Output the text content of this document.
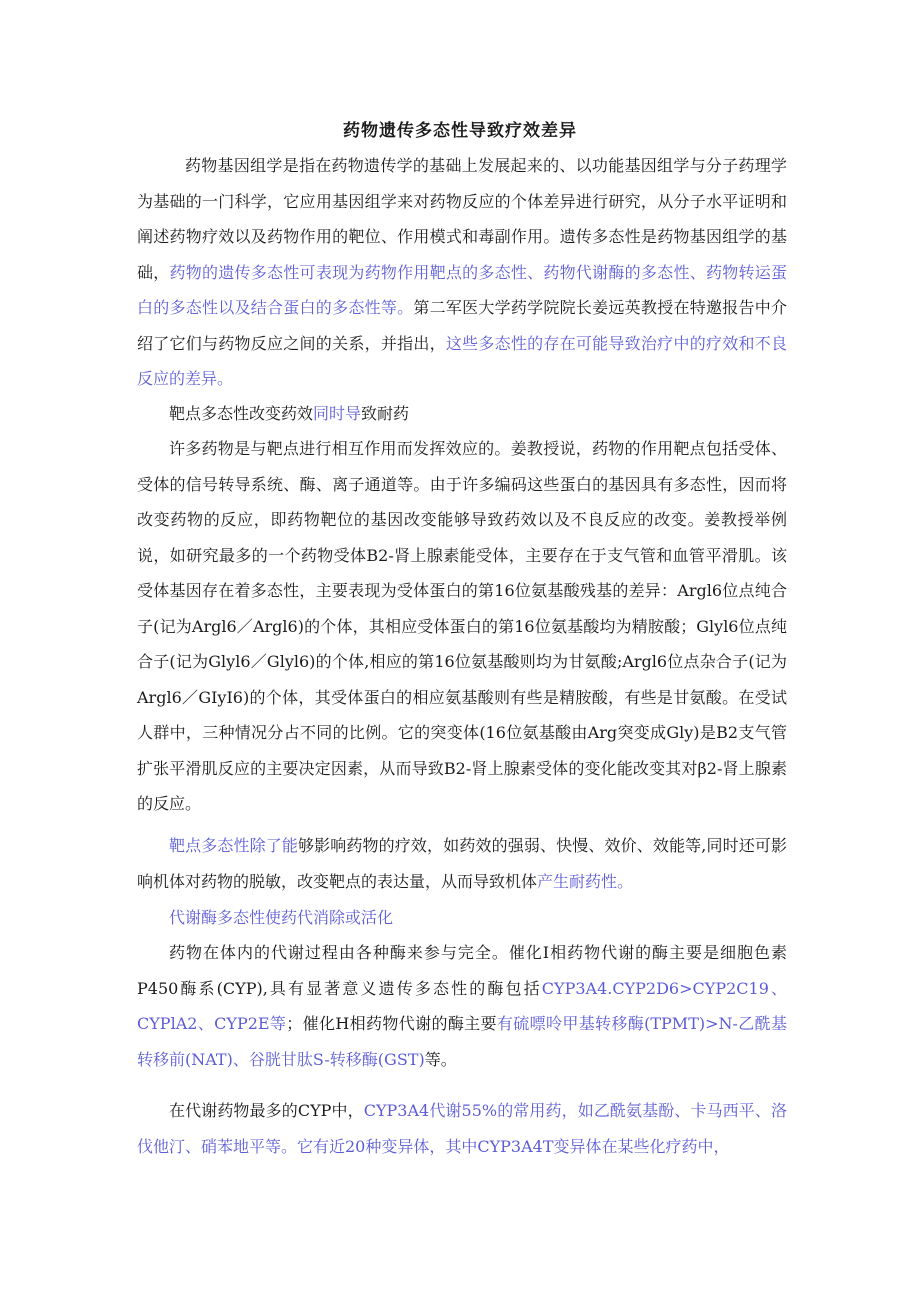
药物遗传多态性导致疗效差异

药物基因组学是指在药物遗传学的基础上发展起来的、以功能基因组学与分子药理学为基础的一门科学，它应用基因组学来对药物反应的个体差异进行研究，从分子水平证明和阐述药物疗效以及药物作用的靶位、作用模式和毒副作用。遗传多态性是药物基因组学的基础，药物的遗传多态性可表现为药物作用靶点的多态性、药物代谢酶的多态性、药物转运蛋白的多态性以及结合蛋白的多态性等。第二军医大学药学院院长姜远英教授在特邀报告中介绍了它们与药物反应之间的关系，并指出，这些多态性的存在可能导致治疗中的疗效和不良反应的差异。

靶点多态性改变药效同时导致耐药

许多药物是与靶点进行相互作用而发挥效应的。姜教授说，药物的作用靶点包括受体、受体的信号转导系统、酶、离子通道等。由于许多编码这些蛋白的基因具有多态性，因而将改变药物的反应，即药物靶位的基因改变能够导致药效以及不良反应的改变。姜教授举例说，如研究最多的一个药物受体B2-肾上腺素能受体，主要存在于支气管和血管平滑肌。该受体基因存在着多态性，主要表现为受体蛋白的第16位氨基酸残基的差异：Argl6位点纯合子(记为Argl6／Argl6)的个体，其相应受体蛋白的第16位氨基酸均为精胺酸；Glyl6位点纯合子(记为Glyl6／Glyl6)的个体,相应的第16位氨基酸则均为甘氨酸;Argl6位点杂合子(记为Argl6／GIyI6)的个体，其受体蛋白的相应氨基酸则有些是精胺酸，有些是甘氨酸。在受试人群中，三种情况分占不同的比例。它的突变体(16位氨基酸由Arg突变成Gly)是B2支气管扩张平滑肌反应的主要决定因素，从而导致B2-肾上腺素受体的变化能改变其对β2-肾上腺素的反应。

靶点多态性除了能够影响药物的疗效，如药效的强弱、快慢、效价、效能等,同时还可影响机体对药物的脱敏，改变靶点的表达量，从而导致机体产生耐药性。

代谢酶多态性使药代消除或活化

药物在体内的代谢过程由各种酶来参与完全。催化I相药物代谢的酶主要是细胞色素P450酶系(CYP),具有显著意义遗传多态性的酶包括CYP3A4.CYP2D6>CYP2C19、CYPlA2、CYP2E等；催化H相药物代谢的酶主要有硫嘌呤甲基转移酶(TPMT)>N-乙酰基转移前(NAT)、谷胱甘肽S-转移酶(GST)等。

在代谢药物最多的CYP中，CYP3A4代谢55%的常用药，如乙酰氨基酚、卡马西平、洛伐他汀、硝苯地平等。它有近20种变异体，其中CYP3A4T变异体在某些化疗药中，
